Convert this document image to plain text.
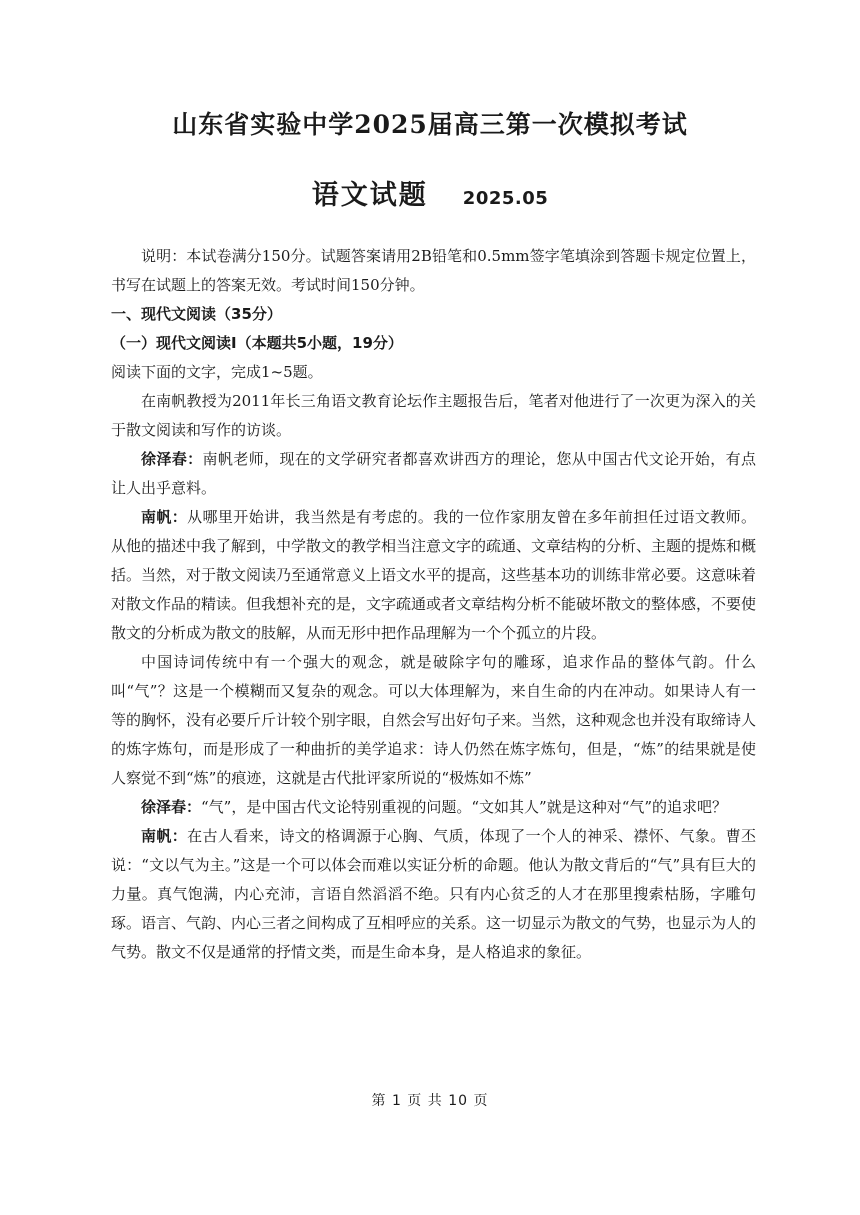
山东省实验中学2025届高三第一次模拟考试
语文试题 2025.05

说明：本试卷满分150分。试题答案请用2B铅笔和0.5mm签字笔填涂到答题卡规定位置上，书写在试题上的答案无效。考试时间150分钟。

一、现代文阅读（35分）

（一）现代文阅读Ⅰ（本题共5小题，19分）

阅读下面的文字，完成1~5题。

在南帆教授为2011年长三角语文教育论坛作主题报告后，笔者对他进行了一次更为深入的关于散文阅读和写作的访谈。

徐泽春：南帆老师，现在的文学研究者都喜欢讲西方的理论，您从中国古代文论开始，有点让人出乎意料。

南帆：从哪里开始讲，我当然是有考虑的。我的一位作家朋友曾在多年前担任过语文教师。从他的描述中我了解到，中学散文的教学相当注意文字的疏通、文章结构的分析、主题的提炼和概括。当然，对于散文阅读乃至通常意义上语文水平的提高，这些基本功的训练非常必要。这意味着对散文作品的精读。但我想补充的是，文字疏通或者文章结构分析不能破坏散文的整体感，不要使散文的分析成为散文的肢解，从而无形中把作品理解为一个个孤立的片段。

中国诗词传统中有一个强大的观念，就是破除字句的雕琢，追求作品的整体气韵。什么叫“气”？这是一个模糊而又复杂的观念。可以大体理解为，来自生命的内在冲动。如果诗人有一等的胸怀，没有必要斤斤计较个别字眼，自然会写出好句子来。当然，这种观念也并没有取缔诗人的炼字炼句，而是形成了一种曲折的美学追求：诗人仍然在炼字炼句，但是，“炼”的结果就是使人察觉不到“炼”的痕迹，这就是古代批评家所说的“极炼如不炼”

徐泽春：“气”，是中国古代文论特别重视的问题。“文如其人”就是这种对“气”的追求吧？

南帆：在古人看来，诗文的格调源于心胸、气质，体现了一个人的神采、襟怀、气象。曹丕说：“文以气为主。”这是一个可以体会而难以实证分析的命题。他认为散文背后的“气”具有巨大的力量。真气饱满，内心充沛，言语自然滔滔不绝。只有内心贫乏的人才在那里搜索枯肠，字雕句琢。语言、气韵、内心三者之间构成了互相呼应的关系。这一切显示为散文的气势，也显示为人的气势。散文不仅是通常的抒情文类，而是生命本身，是人格追求的象征。

第 1 页 共 10 页
